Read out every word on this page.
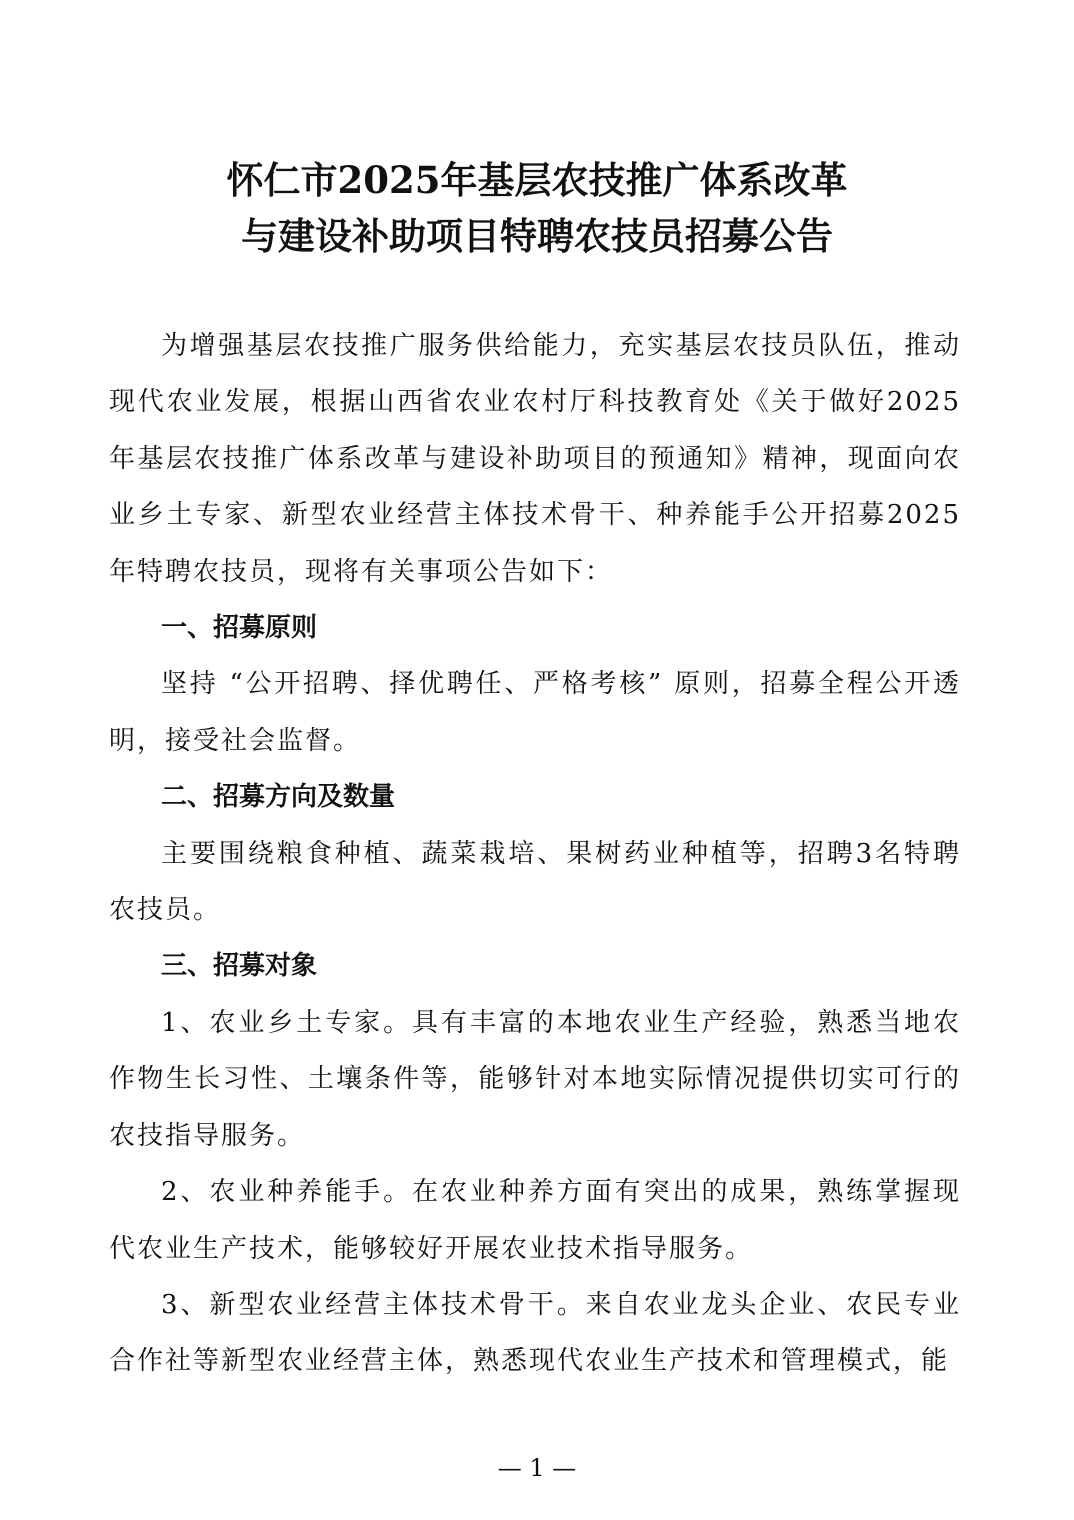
怀仁市2025年基层农技推广体系改革
与建设补助项目特聘农技员招募公告

为增强基层农技推广服务供给能力，充实基层农技员队伍，推动现代农业发展，根据山西省农业农村厅科技教育处《关于做好2025年基层农技推广体系改革与建设补助项目的预通知》精神，现面向农业乡土专家、新型农业经营主体技术骨干、种养能手公开招募2025年特聘农技员，现将有关事项公告如下：

一、招募原则

坚持 “公开招聘、择优聘任、严格考核” 原则，招募全程公开透明，接受社会监督。

二、招募方向及数量

主要围绕粮食种植、蔬菜栽培、果树药业种植等，招聘3名特聘农技员。

三、招募对象

1、农业乡土专家。具有丰富的本地农业生产经验，熟悉当地农作物生长习性、土壤条件等，能够针对本地实际情况提供切实可行的农技指导服务。

2、农业种养能手。在农业种养方面有突出的成果，熟练掌握现代农业生产技术，能够较好开展农业技术指导服务。

3、新型农业经营主体技术骨干。来自农业龙头企业、农民专业合作社等新型农业经营主体，熟悉现代农业生产技术和管理模式，能

— 1 —
